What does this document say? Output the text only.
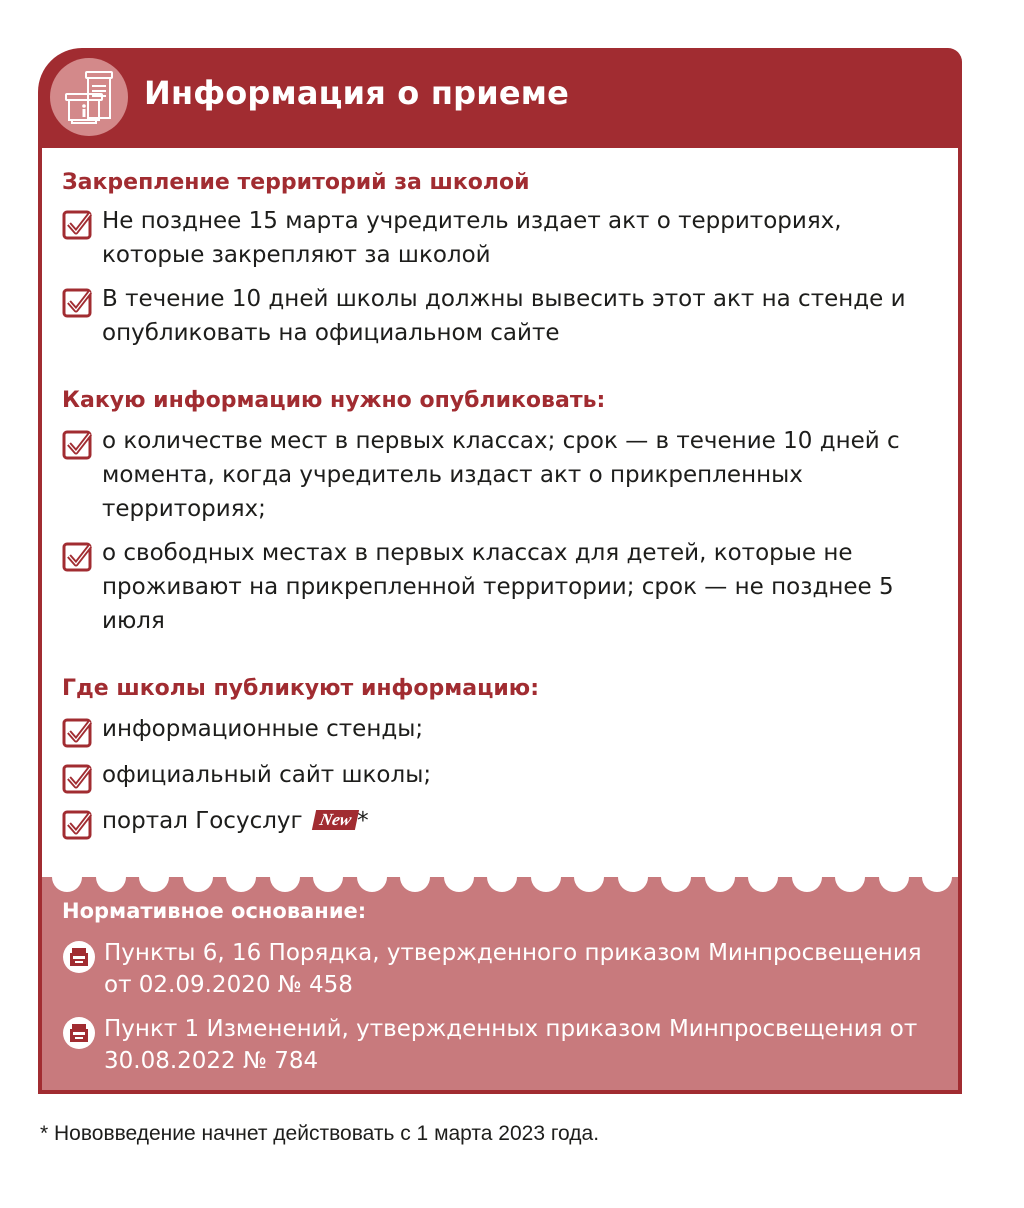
Информация о приеме
Закрепление территорий за школой
Не позднее 15 марта учредитель издает акт о территориях, которые закрепляют за школой
В течение 10 дней школы должны вывесить этот акт на стенде и опубликовать на официальном сайте
Какую информацию нужно опубликовать:
о количестве мест в первых классах; срок — в течение 10 дней с момента, когда учредитель издаст акт о прикрепленных территориях;
о свободных местах в первых классах для детей, которые не проживают на прикрепленной территории; срок — не позднее 5 июля
Где школы публикуют информацию:
информационные стенды;
официальный сайт школы;
портал Госуслуг New *
Нормативное основание:
Пункты 6, 16 Порядка, утвержденного приказом Минпросвещения от 02.09.2020 № 458
Пункт 1 Изменений, утвержденных приказом Минпросвещения от 30.08.2022 № 784
* Нововведение начнет действовать с 1 марта 2023 года.
